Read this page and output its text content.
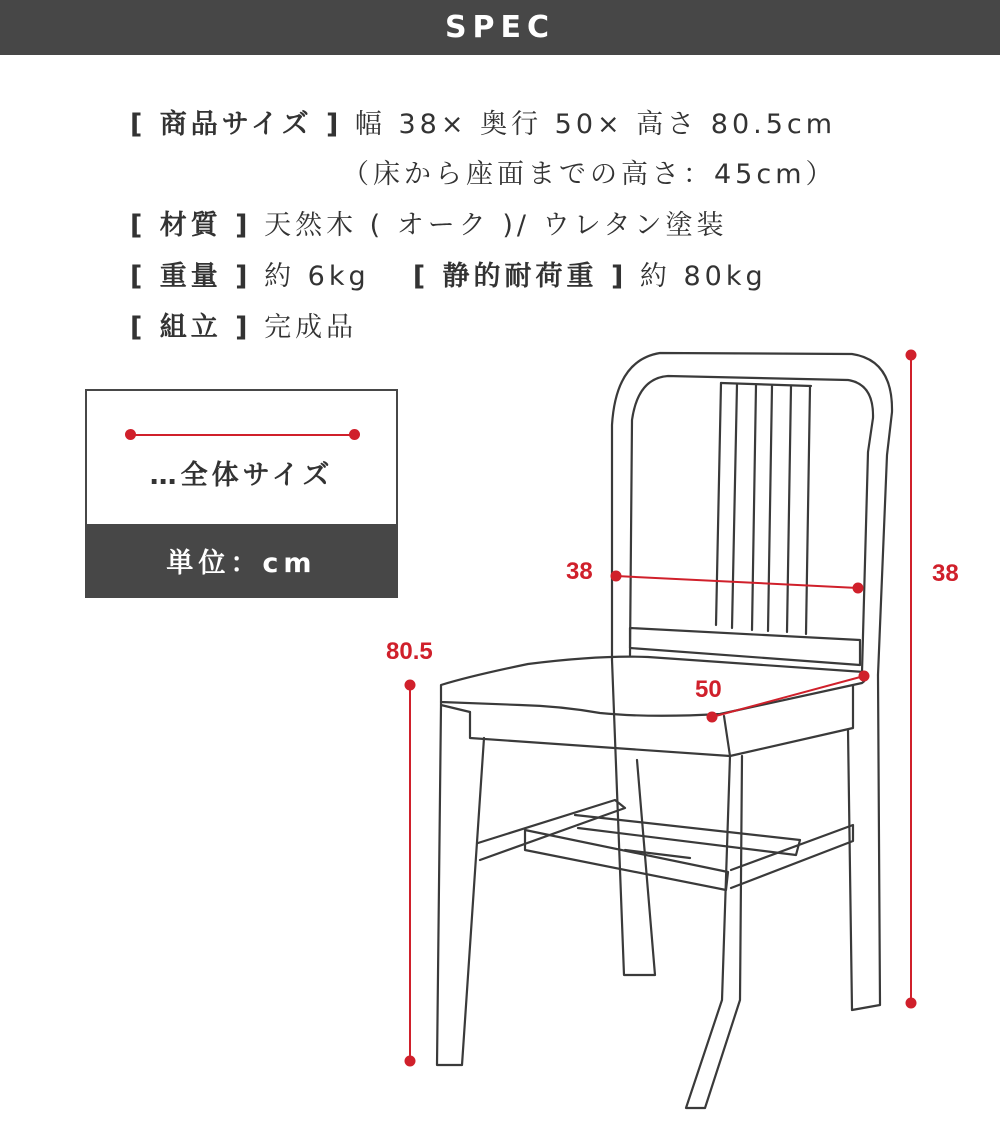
SPEC
[ 商品サイズ ] 幅 38× 奥行 50× 高さ 80.5cm
（床から座面までの高さ：45cm）
[ 材質 ] 天然木 ( オーク )/ ウレタン塗装
[ 重量 ] 約 6kg [ 静的耐荷重 ] 約 80kg
[ 組立 ] 完成品
…全体サイズ
単位：cm	38
50
80.5
38
